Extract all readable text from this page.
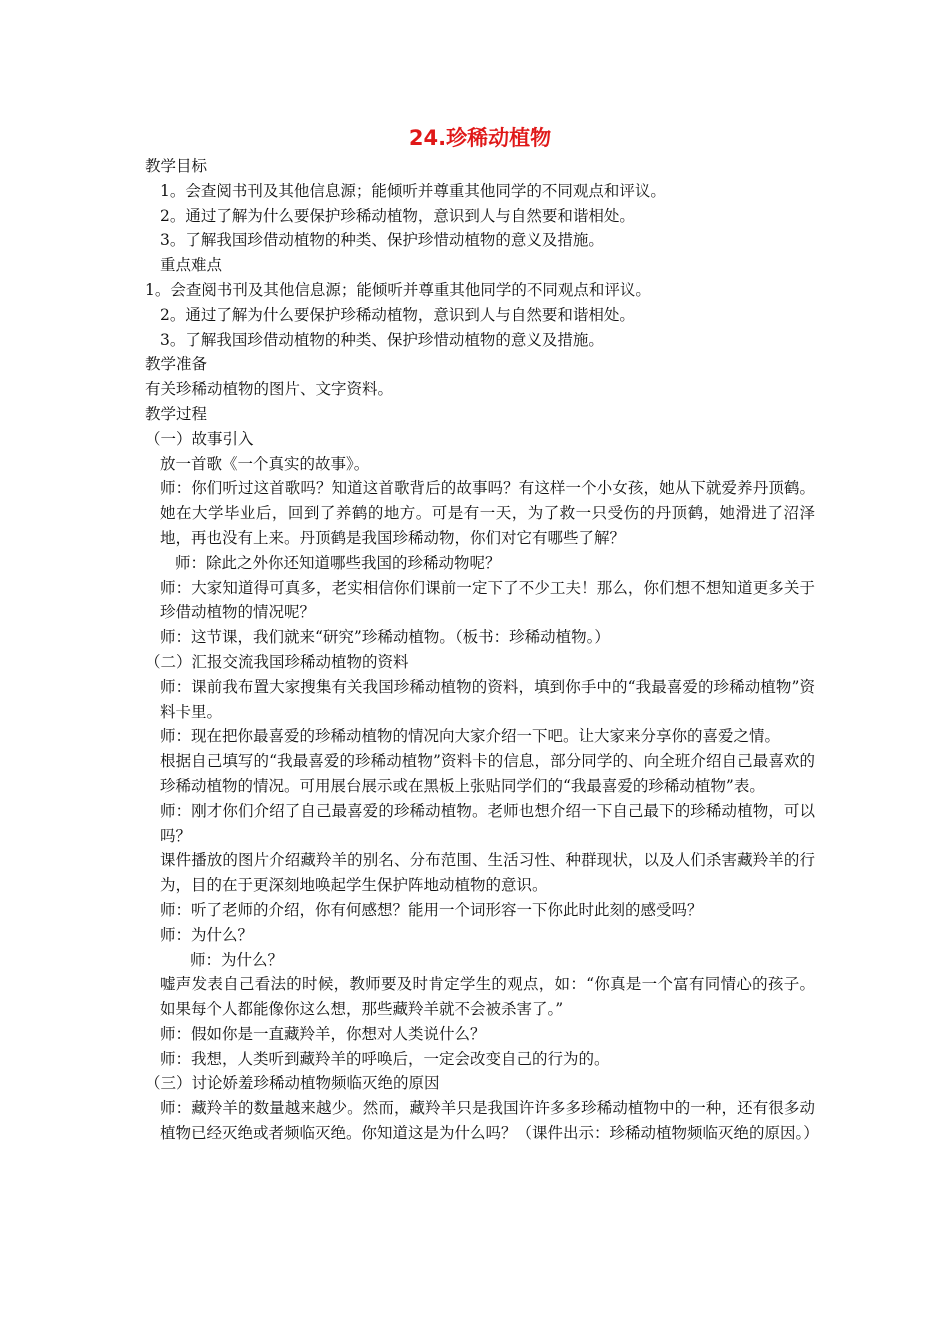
24.珍稀动植物
教学目标
1。会查阅书刊及其他信息源；能倾听并尊重其他同学的不同观点和评议。
2。通过了解为什么要保护珍稀动植物，意识到人与自然要和谐相处。
3。了解我国珍借动植物的种类、保护珍惜动植物的意义及措施。
重点难点
1。会查阅书刊及其他信息源；能倾听并尊重其他同学的不同观点和评议。
2。通过了解为什么要保护珍稀动植物，意识到人与自然要和谐相处。
3。了解我国珍借动植物的种类、保护珍惜动植物的意义及措施。
教学准备
有关珍稀动植物的图片、文字资料。
教学过程
（一）故事引入
放一首歌《一个真实的故事》。
师：你们听过这首歌吗？知道这首歌背后的故事吗？有这样一个小女孩，她从下就爱养丹顶鹤。她在大学毕业后，回到了养鹤的地方。可是有一天，为了救一只受伤的丹顶鹤，她滑进了沼泽地，再也没有上来。丹顶鹤是我国珍稀动物，你们对它有哪些了解？
师：除此之外你还知道哪些我国的珍稀动物呢？
师：大家知道得可真多，老实相信你们课前一定下了不少工夫！那么，你们想不想知道更多关于珍借动植物的情况呢？
师：这节课，我们就来“研究”珍稀动植物。（板书：珍稀动植物。）
（二）汇报交流我国珍稀动植物的资料
师：课前我布置大家搜集有关我国珍稀动植物的资料，填到你手中的“我最喜爱的珍稀动植物”资料卡里。
师：现在把你最喜爱的珍稀动植物的情况向大家介绍一下吧。让大家来分享你的喜爱之情。
根据自己填写的“我最喜爱的珍稀动植物”资料卡的信息，部分同学的、向全班介绍自己最喜欢的珍稀动植物的情况。可用展台展示或在黑板上张贴同学们的“我最喜爱的珍稀动植物”表。
师：刚才你们介绍了自己最喜爱的珍稀动植物。老师也想介绍一下自己最下的珍稀动植物，可以吗？
课件播放的图片介绍藏羚羊的别名、分布范围、生活习性、种群现状，以及人们杀害藏羚羊的行为，目的在于更深刻地唤起学生保护阵地动植物的意识。
师：听了老师的介绍，你有何感想？能用一个词形容一下你此时此刻的感受吗？
师：为什么？
师：为什么？
嘘声发表自己看法的时候，教师要及时肯定学生的观点，如：“你真是一个富有同情心的孩子。如果每个人都能像你这么想，那些藏羚羊就不会被杀害了。”
师：假如你是一直藏羚羊，你想对人类说什么？
师：我想，人类听到藏羚羊的呼唤后，一定会改变自己的行为的。
（三）讨论娇羞珍稀动植物频临灭绝的原因
师：藏羚羊的数量越来越少。然而，藏羚羊只是我国许许多多珍稀动植物中的一种，还有很多动植物已经灭绝或者频临灭绝。你知道这是为什么吗？（课件出示：珍稀动植物频临灭绝的原因。）
